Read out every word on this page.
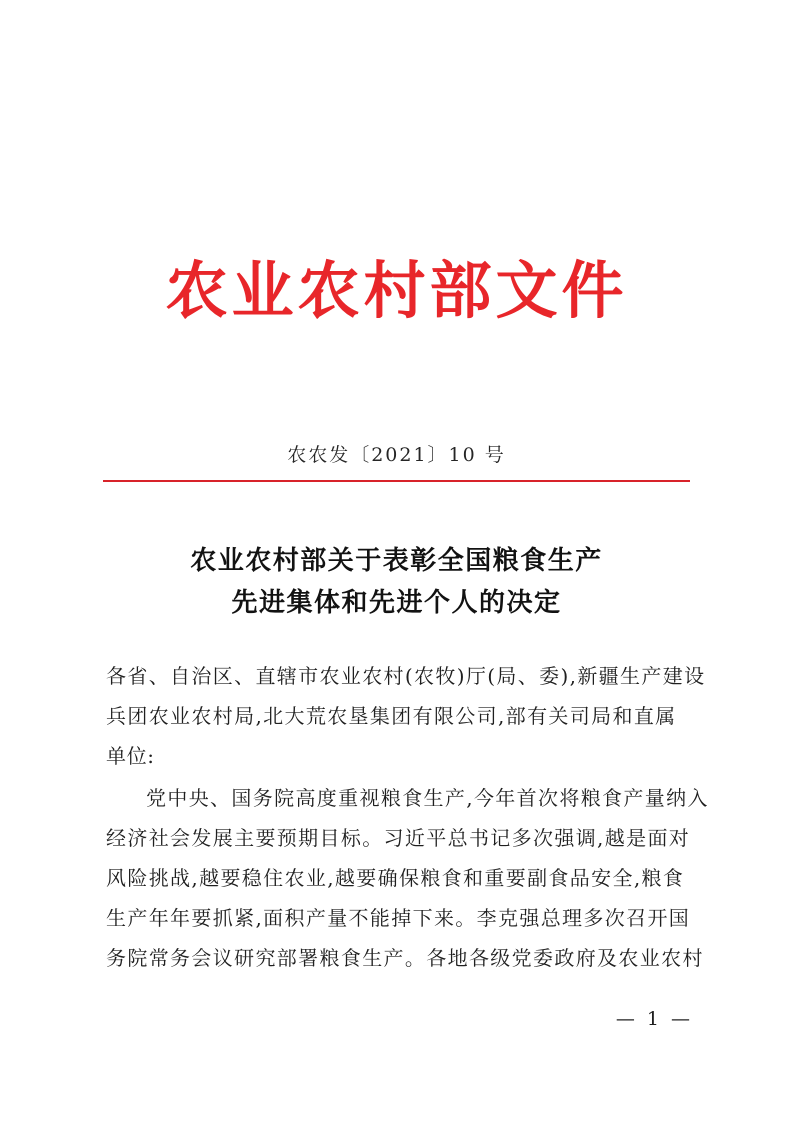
农业农村部文件
农农发〔2021〕10 号
农业农村部关于表彰全国粮食生产
先进集体和先进个人的决定
各省、自治区、直辖市农业农村(农牧)厅(局、委),新疆生产建设
兵团农业农村局,北大荒农垦集团有限公司,部有关司局和直属
单位:
党中央、国务院高度重视粮食生产,今年首次将粮食产量纳入
经济社会发展主要预期目标。习近平总书记多次强调,越是面对
风险挑战,越要稳住农业,越要确保粮食和重要副食品安全,粮食
生产年年要抓紧,面积产量不能掉下来。李克强总理多次召开国
务院常务会议研究部署粮食生产。各地各级党委政府及农业农村
— 1 —
